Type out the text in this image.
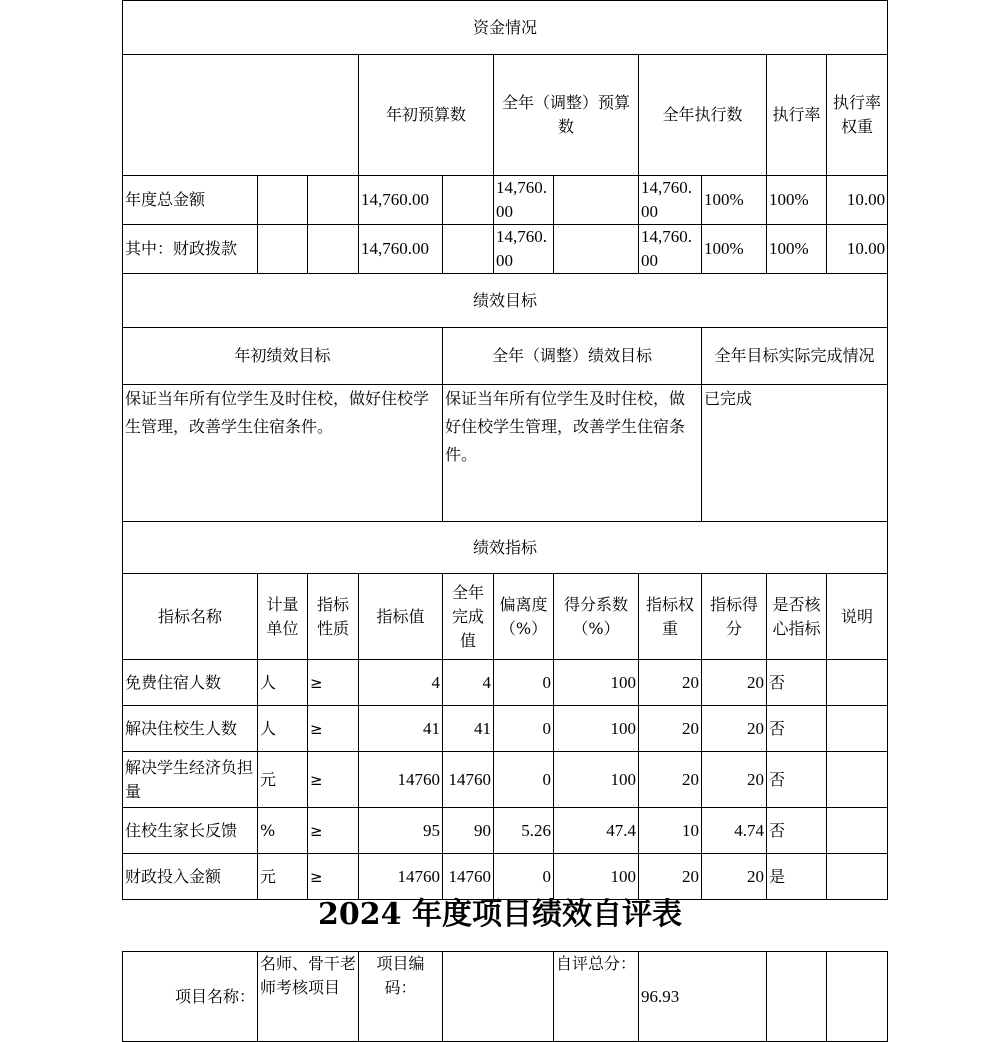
资金情况											
			年初预算数		全年（调整）预算数		全年执行数		执行率	执行率权重	
年度总金额			14,760.00		14,760.00		14,760.00	100%	100%	10.00	
其中：财政拨款			14,760.00		14,760.00		14,760.00	100%	100%	10.00	
绩效目标											
年初绩效目标				全年（调整）绩效目标				全年目标实际完成情况			
保证当年所有位学生及时住校，做好住校学生管理，改善学生住宿条件。				保证当年所有位学生及时住校，做好住校学生管理，改善学生住宿条件。				已完成			
绩效指标											
指标名称	计量单位	指标性质	指标值	全年完成值	偏离度（%）	得分系数（%）	指标权重	指标得分	是否核心指标	说明	
免费住宿人数	人	≥	4	4	0	100	20	20	否		
解决住校生人数	人	≥	41	41	0	100	20	20	否		
解决学生经济负担量	元	≥	14760	14760	0	100	20	20	否		
住校生家长反馈	%	≥	95	90	5.26	47.4	10	4.74	否		
财政投入金额	元	≥	14760	14760	0	100	20	20	是		
2024 年度项目绩效自评表
项目名称：	名师、骨干老师考核项目	项目编码：		自评总分：	96.93		
